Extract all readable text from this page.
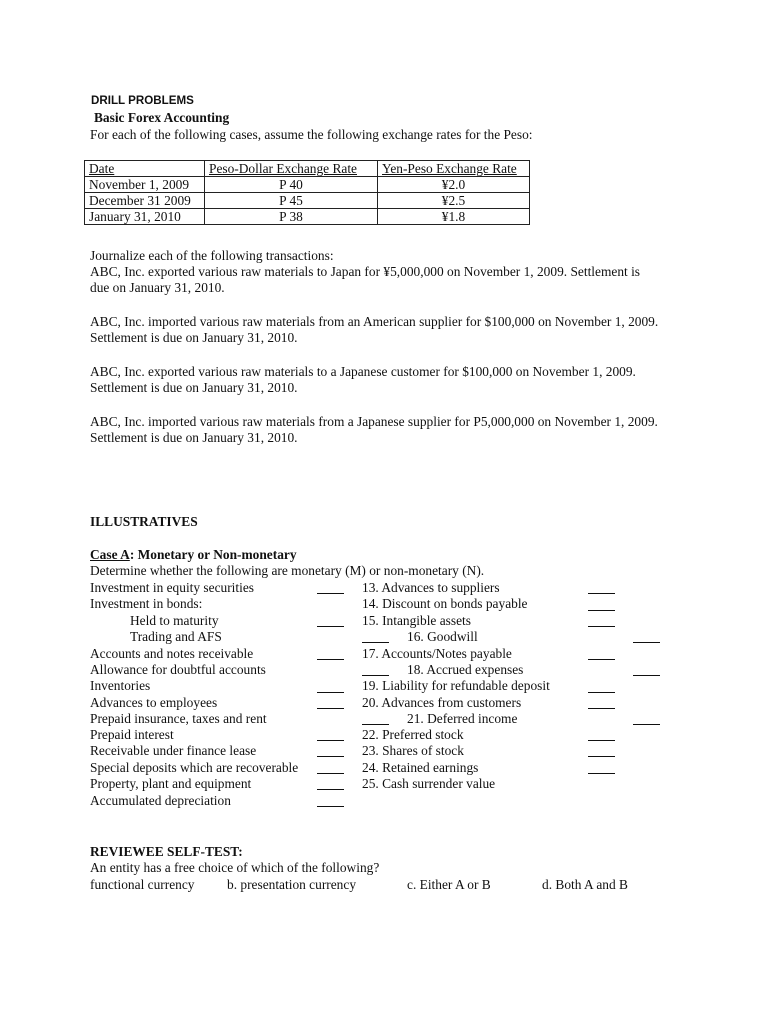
DRILL PROBLEMS
Basic Forex Accounting
For each of the following cases, assume the following exchange rates for the Peso:
Date	Peso-Dollar Exchange Rate	Yen-Peso Exchange Rate
November 1, 2009	P 40	¥2.0
December 31 2009	P 45	¥2.5
January 31, 2010	P 38	¥1.8
Journalize each of the following transactions:
ABC, Inc. exported various raw materials to Japan for ¥5,000,000 on November 1, 2009. Settlement is
due on January 31, 2010.
ABC, Inc. imported various raw materials from an American supplier for $100,000 on November 1, 2009.
Settlement is due on January 31, 2010.
ABC, Inc. exported various raw materials to a Japanese customer for $100,000 on November 1, 2009.
Settlement is due on January 31, 2010.
ABC, Inc. imported various raw materials from a Japanese supplier for P5,000,000 on November 1, 2009.
Settlement is due on January 31, 2010.
ILLUSTRATIVES
Case A: Monetary or Non-monetary
Determine whether the following are monetary (M) or non-monetary (N).
Investment in equity securities
Investment in bonds:
Held to maturity
Trading and AFS
Accounts and notes receivable
Allowance for doubtful accounts
Inventories
Advances to employees
Prepaid insurance, taxes and rent
Prepaid interest
Receivable under finance lease
Special deposits which are recoverable
Property, plant and equipment
Accumulated depreciation
13. Advances to suppliers
14. Discount on bonds payable
15. Intangible assets
16. Goodwill
17. Accounts/Notes payable
18. Accrued expenses
19. Liability for refundable deposit
20. Advances from customers
21. Deferred income
22. Preferred stock
23. Shares of stock
24. Retained earnings
25. Cash surrender value
REVIEWEE SELF-TEST:
An entity has a free choice of which of the following?
functional currency b. presentation currency	c. Either A or B	d. Both A and B
